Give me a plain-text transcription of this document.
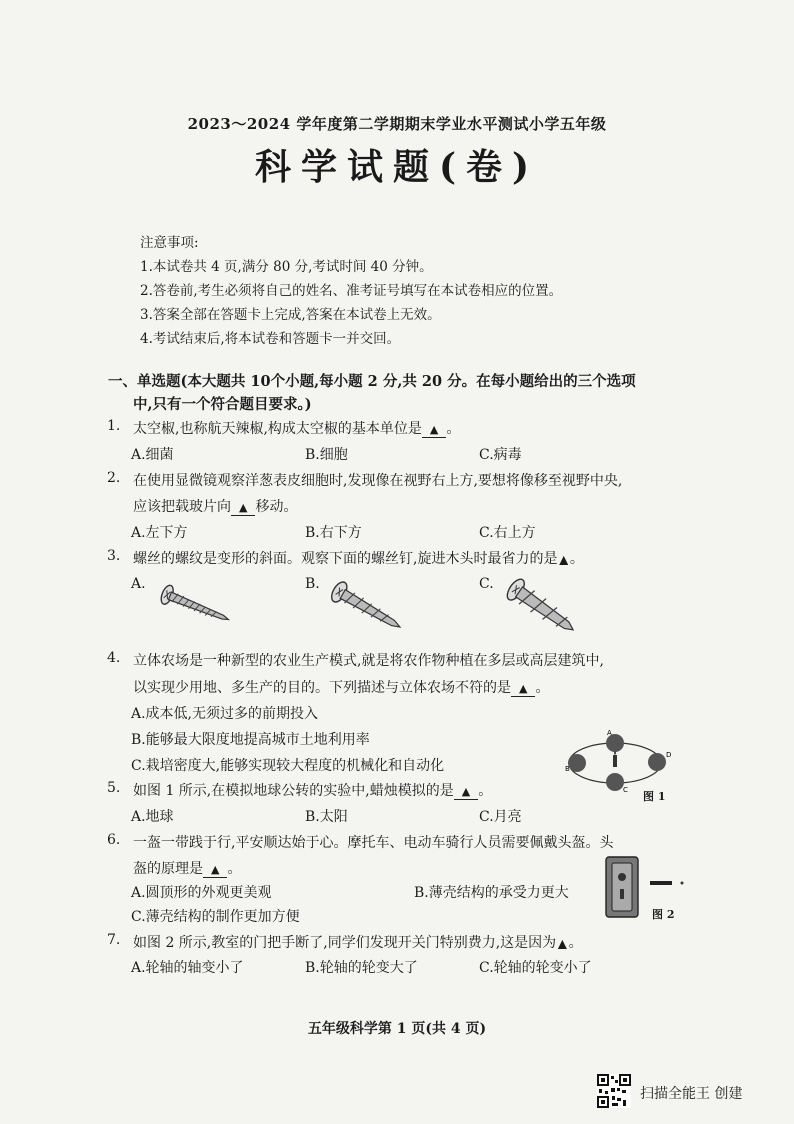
2023～2024 学年度第二学期期末学业水平测试小学五年级
科学试题(卷)
注意事项:
1.本试卷共 4 页,满分 80 分,考试时间 40 分钟。
2.答卷前,考生必须将自己的姓名、准考证号填写在本试卷相应的位置。
3.答案全部在答题卡上完成,答案在本试卷上无效。
4.考试结束后,将本试卷和答题卡一并交回。
一、单选题(本大题共 10个小题,每小题 2 分,共 20 分。在每小题给出的三个选项
中,只有一个符合题目要求。)
1. 太空椒,也称航天辣椒,构成太空椒的基本单位是 ▲ 。
A.细菌	B.细胞	C.病毒
2. 在使用显微镜观察洋葱表皮细胞时,发现像在视野右上方,要想将像移至视野中央,
应该把载玻片向 ▲ 移动。
A.左下方	B.右下方	C.右上方
3. 螺丝的螺纹是变形的斜面。观察下面的螺丝钉,旋进木头时最省力的是 ▲ 。
A.	B.	C.
4. 立体农场是一种新型的农业生产模式,就是将农作物种植在多层或高层建筑中,
以实现少用地、多生产的目的。下列描述与立体农场不符的是 ▲ 。
A.成本低,无须过多的前期投入
B.能够最大限度地提高城市土地利用率
C.栽培密度大,能够实现较大程度的机械化和自动化
A
B
C
D
图 1
5. 如图 1 所示,在模拟地球公转的实验中,蜡烛模拟的是 ▲ 。
A.地球	B.太阳	C.月亮
6. 一盔一带践于行,平安顺达始于心。摩托车、电动车骑行人员需要佩戴头盔。头
盔的原理是 ▲ 。
A.圆顶形的外观更美观	B.薄壳结构的承受力更大
C.薄壳结构的制作更加方便	图 2
7. 如图 2 所示,教室的门把手断了,同学们发现开关门特别费力,这是因为 ▲ 。
A.轮轴的轴变小了	B.轮轴的轮变大了	C.轮轴的轮变小了
五年级科学第 1 页(共 4 页)
扫描全能王 创建
